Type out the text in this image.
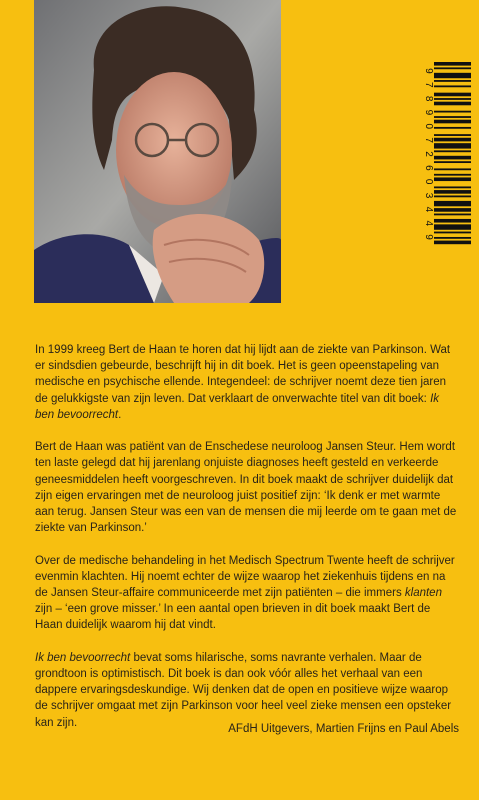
9
7
8
9
0
7
2
6
0
3
4
4
9

In 1999 kreeg Bert de Haan te horen dat hij lijdt aan de ziekte van Parkinson. Wat er sindsdien gebeurde, beschrijft hij in dit boek. Het is geen opeenstapeling van medische en psychische ellende. Integendeel: de schrijver noemt deze tien jaren de gelukkigste van zijn leven. Dat verklaart de onverwachte titel van dit boek: Ik ben bevoorrecht.

Bert de Haan was patiënt van de Enschedese neuroloog Jansen Steur. Hem wordt ten laste gelegd dat hij jarenlang onjuiste diagnoses heeft gesteld en verkeerde geneesmiddelen heeft voorgeschreven. In dit boek maakt de schrijver duidelijk dat zijn eigen ervaringen met de neuroloog juist positief zijn: ‘Ik denk er met warmte aan terug. Jansen Steur was een van de mensen die mij leerde om te gaan met de ziekte van Parkinson.’

Over de medische behandeling in het Medisch Spectrum Twente heeft de schrijver evenmin klachten. Hij noemt echter de wijze waarop het ziekenhuis tijdens en na de Jansen Steur-affaire communiceerde met zijn patiënten – die immers klanten zijn – ‘een grove misser.’ In een aantal open brieven in dit boek maakt Bert de Haan duidelijk waarom hij dat vindt.

Ik ben bevoorrecht bevat soms hilarische, soms navrante verhalen. Maar de grondtoon is optimistisch. Dit boek is dan ook vóór alles het verhaal van een dappere ervaringsdeskundige. Wij denken dat de open en positieve wijze waarop de schrijver omgaat met zijn Parkinson voor heel veel zieke mensen een opsteker kan zijn.

AFdH Uitgevers, Martien Frijns en Paul Abels
